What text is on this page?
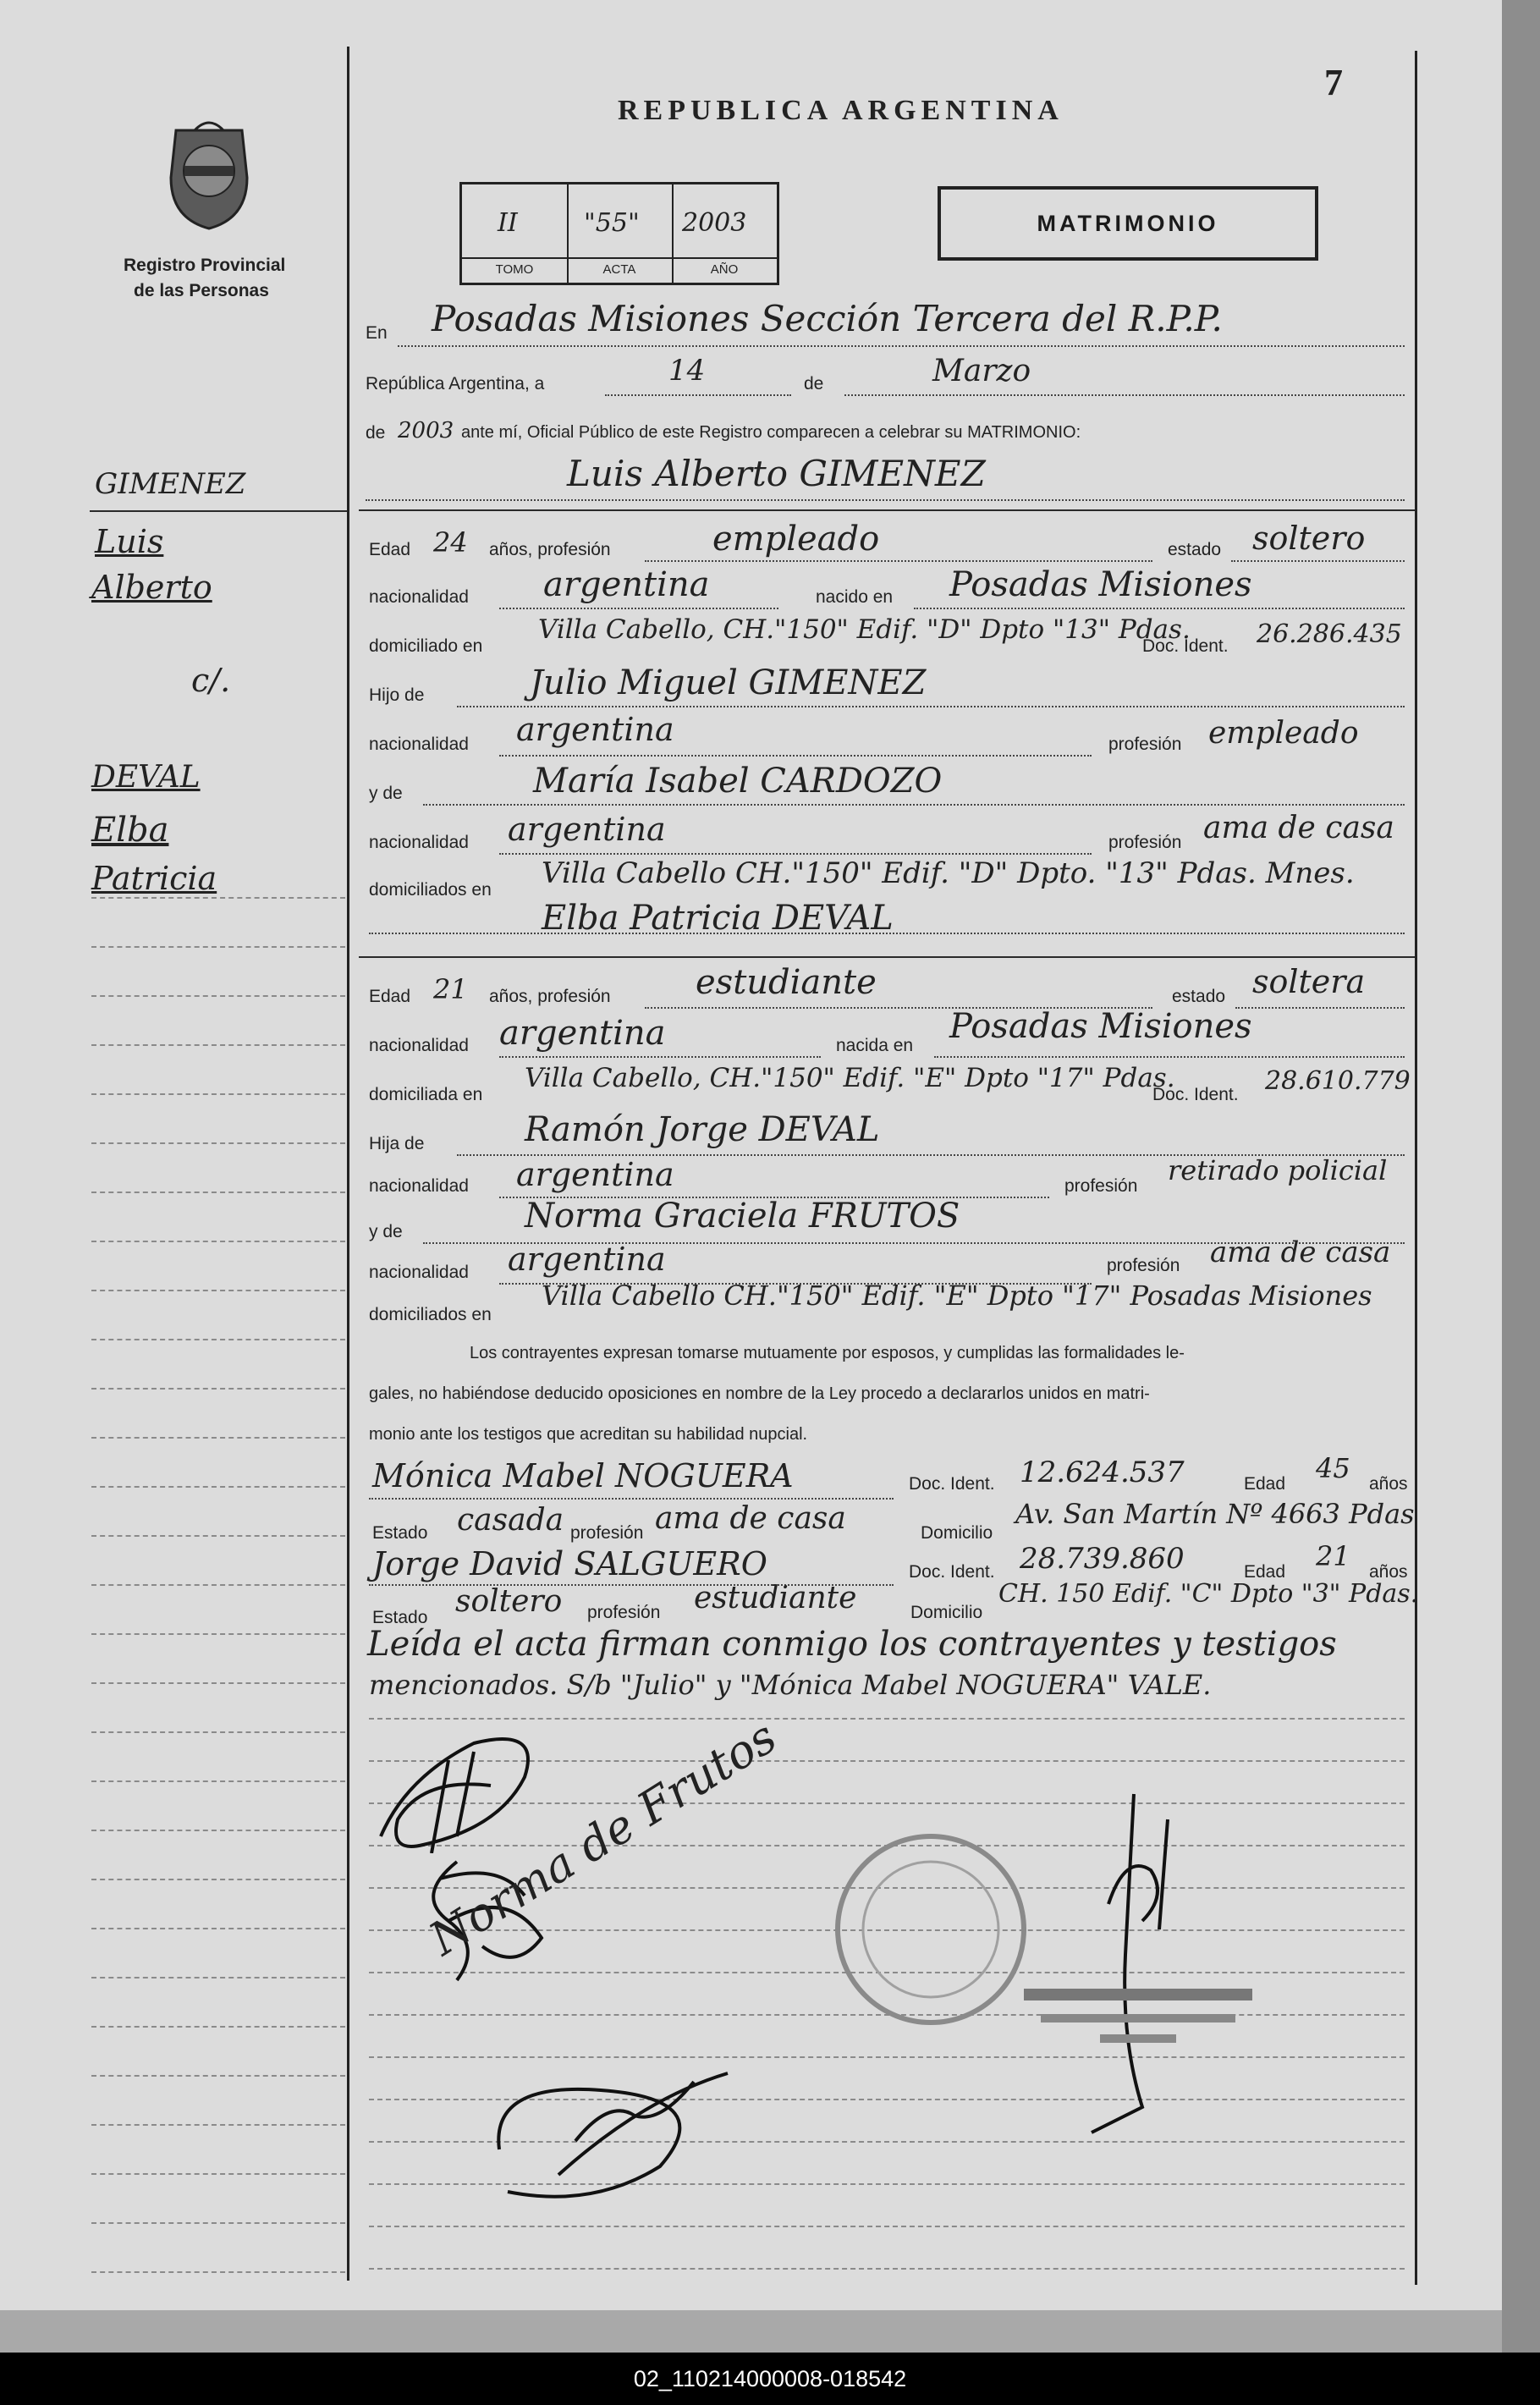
7
REPUBLICA ARGENTINA
Registro Provincial
de las Personas
II
TOMO
"55"
ACTA
2003
AÑO
MATRIMONIO
GIMENEZ
Luis
Alberto
c/.
DEVAL
Elba
Patricia
En Posadas Misiones Sección Tercera del R.P.P.
República Argentina, a	14	de	Marzo
de 2003 ante mí, Oficial Público de este Registro comparecen a celebrar su MATRIMONIO:
Luis Alberto GIMENEZ
Edad 24 años, profesión	empleado	estado soltero
nacionalidad argentina	nacido en Posadas Misiones
domiciliado en
Villa Cabello, CH."150" Edif. "D" Dpto "13" Pdas.
Doc. Ident. 26.286.435
Hijo de	Julio Miguel GIMENEZ
nacionalidad argentina	profesión empleado
y de	María Isabel CARDOZO
nacionalidad argentina	profesión ama de casa
domiciliados en Villa Cabello CH."150" Edif. "D" Dpto. "13" Pdas. Mnes.
Elba Patricia DEVAL
Edad 21 años, profesión	estudiante	estado soltera
nacionalidad argentina	nacida en Posadas Misiones
domiciliada en
Villa Cabello, CH."150" Edif. "E" Dpto "17" Pdas.
Doc. Ident. 28.610.779
Hija de	Ramón Jorge DEVAL
nacionalidad argentina	profesión retirado policial
y de	Norma Graciela FRUTOS
nacionalidad argentina	profesión ama de casa
domiciliados en
Villa Cabello CH."150" Edif. "E" Dpto "17" Posadas Misiones
Los contrayentes expresan tomarse mutuamente por esposos, y cumplidas las formalidades le-
gales, no habiéndose deducido oposiciones en nombre de la Ley procedo a declararlos unidos en matri-
monio ante los testigos que acreditan su habilidad nupcial.
Mónica Mabel NOGUERA	Doc. Ident. 12.624.537	Edad 45 años
Estado casada profesión ama de casa	Domicilio
Av. San Martín Nº 4663 Pdas
Jorge David SALGUERO	Doc. Ident. 28.739.860	Edad 21 años
Estado soltero profesión estudiante	Domicilio
CH. 150 Edif. "C" Dpto "3" Pdas.
Leída el acta firman conmigo los contrayentes y testigos
mencionados. S/b "Julio" y "Mónica Mabel NOGUERA" VALE.
Norma de Frutos
02_110214000008-018542
